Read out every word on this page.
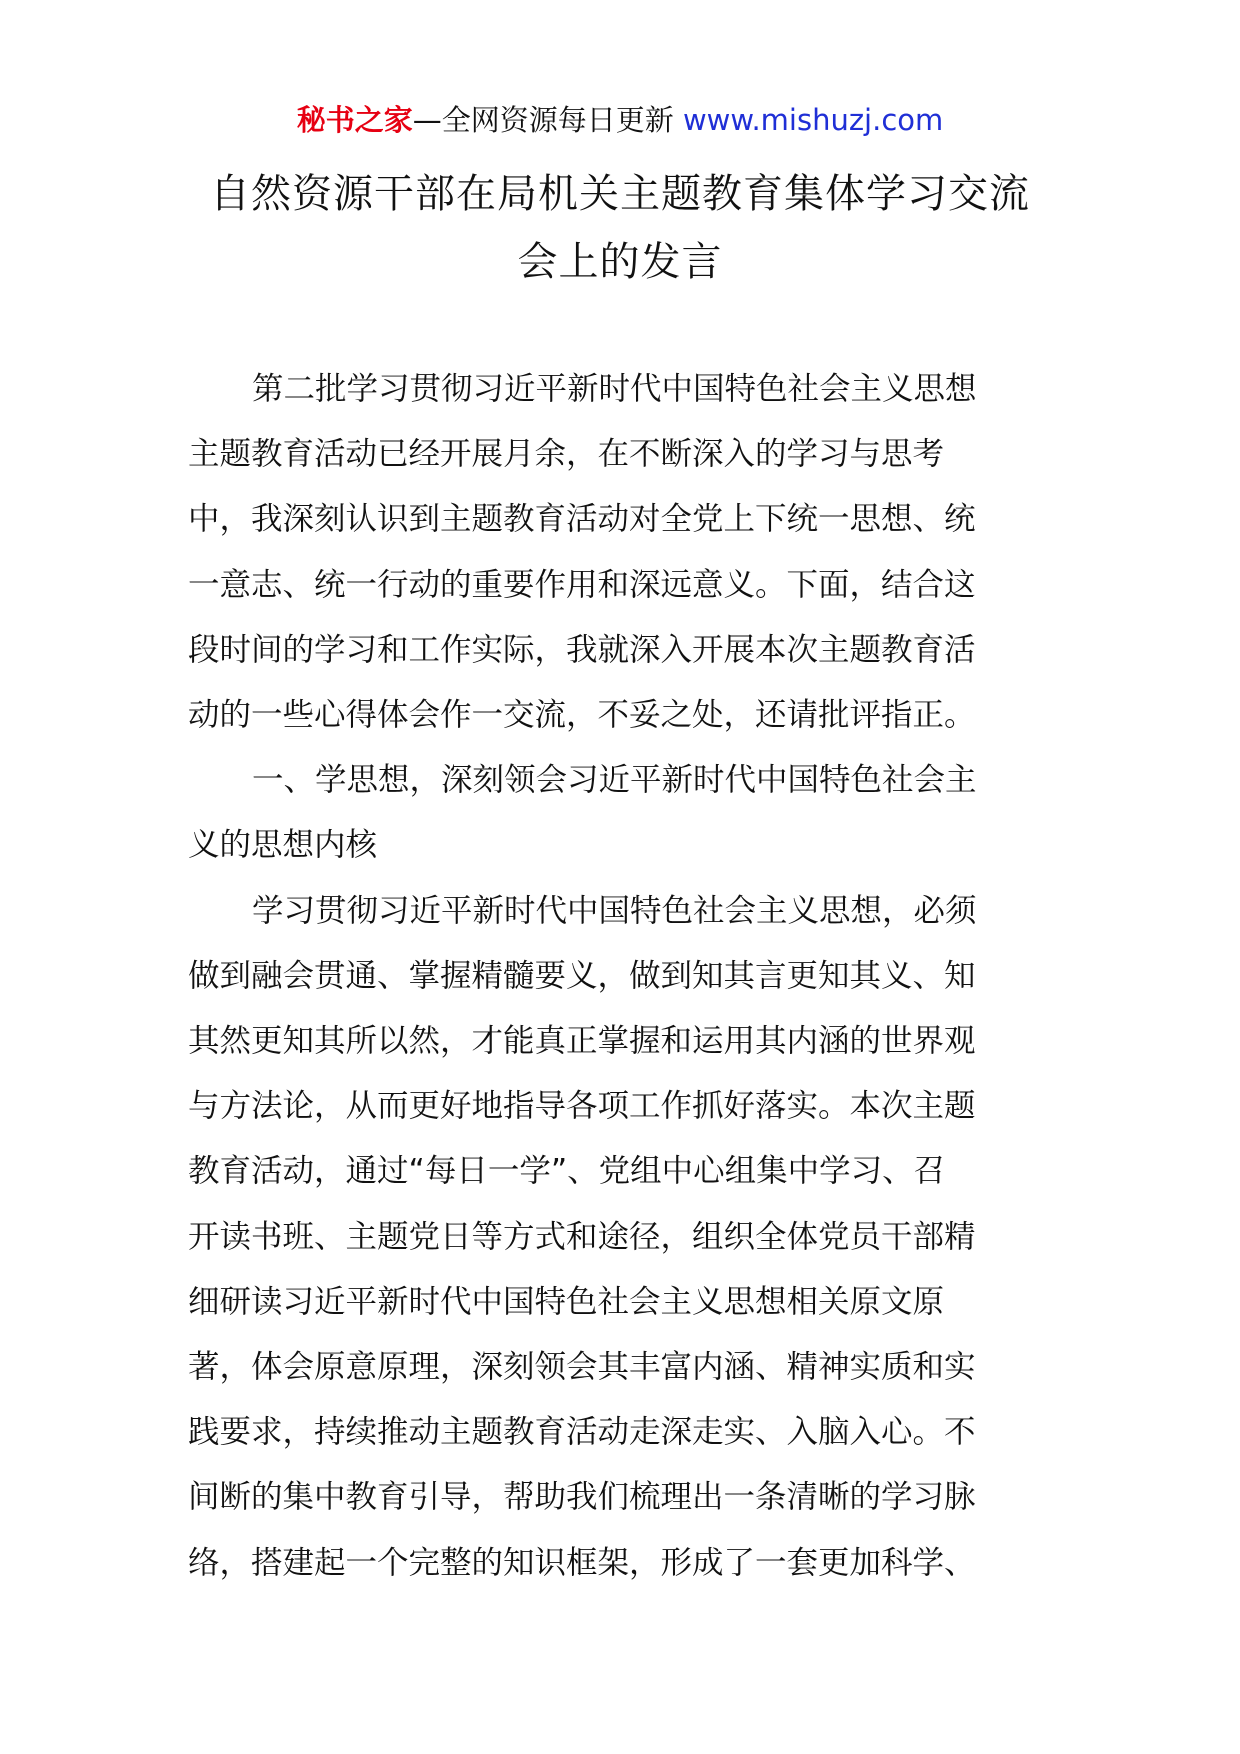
秘书之家—全网资源每日更新 www.mishuzj.com
自然资源干部在局机关主题教育集体学习交流
会上的发言
第二批学习贯彻习近平新时代中国特色社会主义思想
主题教育活动已经开展月余，在不断深入的学习与思考
中，我深刻认识到主题教育活动对全党上下统一思想、统
一意志、统一行动的重要作用和深远意义。下面，结合这
段时间的学习和工作实际，我就深入开展本次主题教育活
动的一些心得体会作一交流，不妥之处，还请批评指正。
一、学思想，深刻领会习近平新时代中国特色社会主
义的思想内核
学习贯彻习近平新时代中国特色社会主义思想，必须
做到融会贯通、掌握精髓要义，做到知其言更知其义、知
其然更知其所以然，才能真正掌握和运用其内涵的世界观
与方法论，从而更好地指导各项工作抓好落实。本次主题
教育活动，通过“每日一学”、党组中心组集中学习、召
开读书班、主题党日等方式和途径，组织全体党员干部精
细研读习近平新时代中国特色社会主义思想相关原文原
著，体会原意原理，深刻领会其丰富内涵、精神实质和实
践要求，持续推动主题教育活动走深走实、入脑入心。不
间断的集中教育引导，帮助我们梳理出一条清晰的学习脉
络，搭建起一个完整的知识框架，形成了一套更加科学、
